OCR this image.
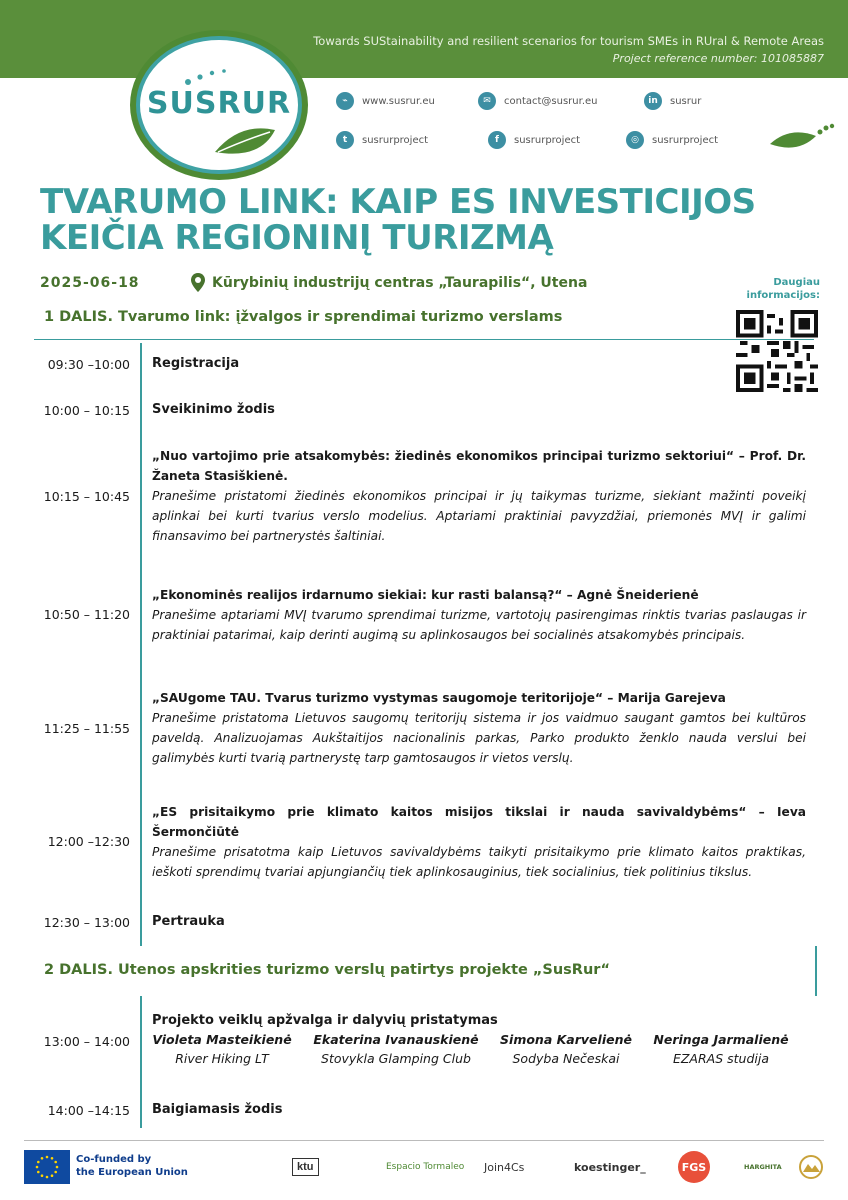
Towards SUStainability and resilient scenarios for tourism SMEs in RUral & Remote Areas
Project reference number: 101085887
SUSRUR	⌁	www.susrur.eu	✉	contact@susrur.eu	in	susrur
t	susrurproject	f	susrurproject	◎	susrurproject
TVARUMO LINK: KAIP ES INVESTICIJOS
KEIČIA REGIONINĮ TURIZMĄ
2025-06-18	Kūrybinių industrijų centras „Taurapilis“, Utena	Daugiau informacijos:
1 DALIS. Tvarumo link: įžvalgos ir sprendimai turizmo verslams
09:30 –10:00 Registracija
10:00 – 10:15 Sveikinimo žodis
10:15 – 10:45
„Nuo vartojimo prie atsakomybės: žiedinės ekonomikos principai turizmo sektoriui“ – Prof. Dr. Žaneta Stasiškienė.
Pranešime pristatomi žiedinės ekonomikos principai ir jų taikymas turizme, siekiant mažinti poveikį aplinkai bei kurti tvarius verslo modelius. Aptariami praktiniai pavyzdžiai, priemonės MVĮ ir galimi finansavimo bei partnerystės šaltiniai.
10:50 – 11:20
„Ekonominės realijos irdarnumo siekiai: kur rasti balansą?“ – Agnė Šneiderienė
Pranešime aptariami MVĮ tvarumo sprendimai turizme, vartotojų pasirengimas rinktis tvarias paslaugas ir praktiniai patarimai, kaip derinti augimą su aplinkosaugos bei socialinės atsakomybės principais.
11:25 – 11:55
„SAUgome TAU. Tvarus turizmo vystymas saugomoje teritorijoje“ – Marija Garejeva
Pranešime pristatoma Lietuvos saugomų teritorijų sistema ir jos vaidmuo saugant gamtos bei kultūros paveldą. Analizuojamas Aukštaitijos nacionalinis parkas, Parko produkto ženklo nauda verslui bei galimybės kurti tvarią partnerystę tarp gamtosaugos ir vietos verslų.
12:00 –12:30
„ES prisitaikymo prie klimato kaitos misijos tikslai ir nauda savivaldybėms“ – Ieva Šermončiūtė
Pranešime prisatotma kaip Lietuvos savivaldybėms taikyti prisitaikymo prie klimato kaitos praktikas, ieškoti sprendimų tvariai apjungiančių tiek aplinkosauginius, tiek socialinius, tiek politinius tikslus.
12:30 – 13:00 Pertrauka
2 DALIS. Utenos apskrities turizmo verslų patirtys projekte „SusRur“
13:00 – 14:00
Projekto veiklų apžvalga ir dalyvių pristatymas
Violeta Masteikienė
River Hiking LT
Ekaterina Ivanauskienė
Stovykla Glamping Club
Simona Karvelienė
Sodyba Nečeskai
Neringa Jarmalienė
EZARAS studija
14:00 –14:15 Baigiamasis žodis
Co-funded by
the European Union	ktu	Espacio Tormaleo Join4Cs	koestinger_	FGS	HARGHITA
